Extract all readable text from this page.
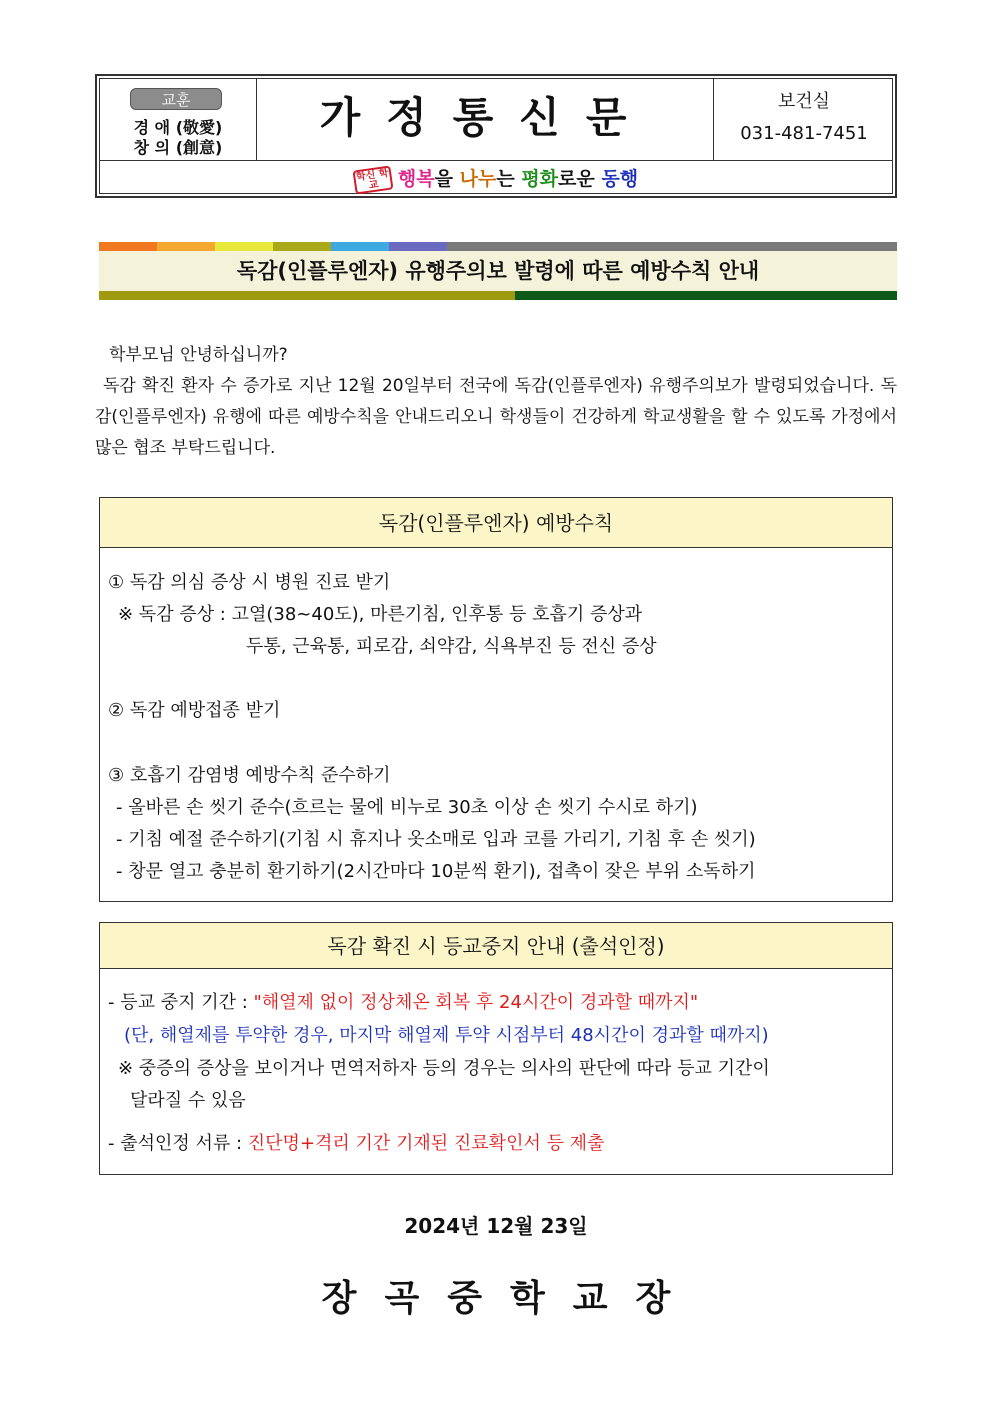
교훈
경 애 (敬愛)
창 의 (創意)
가정통신문	보건실
031-481-7451
학신 학교 행복을 나누는 평화로운 동행
독감(인플루엔자) 유행주의보 발령에 따른 예방수칙 안내
학부모님 안녕하십니까?
독감 확진 환자 수 증가로 지난 12월 20일부터 전국에 독감(인플루엔자) 유행주의보가 발령되었습니다. 독감(인플루엔자) 유행에 따른 예방수칙을 안내드리오니 학생들이 건강하게 학교생활을 할 수 있도록 가정에서 많은 협조 부탁드립니다.
독감(인플루엔자) 예방수칙
① 독감 의심 증상 시 병원 진료 받기
※ 독감 증상 : 고열(38~40도), 마른기침, 인후통 등 호흡기 증상과
두통, 근육통, 피로감, 쇠약감, 식욕부진 등 전신 증상
② 독감 예방접종 받기
③ 호흡기 감염병 예방수칙 준수하기
- 올바른 손 씻기 준수(흐르는 물에 비누로 30초 이상 손 씻기 수시로 하기)
- 기침 예절 준수하기(기침 시 휴지나 옷소매로 입과 코를 가리기, 기침 후 손 씻기)
- 창문 열고 충분히 환기하기(2시간마다 10분씩 환기), 접촉이 잦은 부위 소독하기
독감 확진 시 등교중지 안내 (출석인정)
- 등교 중지 기간 : "해열제 없이 정상체온 회복 후 24시간이 경과할 때까지"
(단, 해열제를 투약한 경우, 마지막 해열제 투약 시점부터 48시간이 경과할 때까지)
※ 중증의 증상을 보이거나 면역저하자 등의 경우는 의사의 판단에 따라 등교 기간이
달라질 수 있음
- 출석인정 서류 : 진단명+격리 기간 기재된 진료확인서 등 제출
2024년 12월 23일
장곡중학교장
